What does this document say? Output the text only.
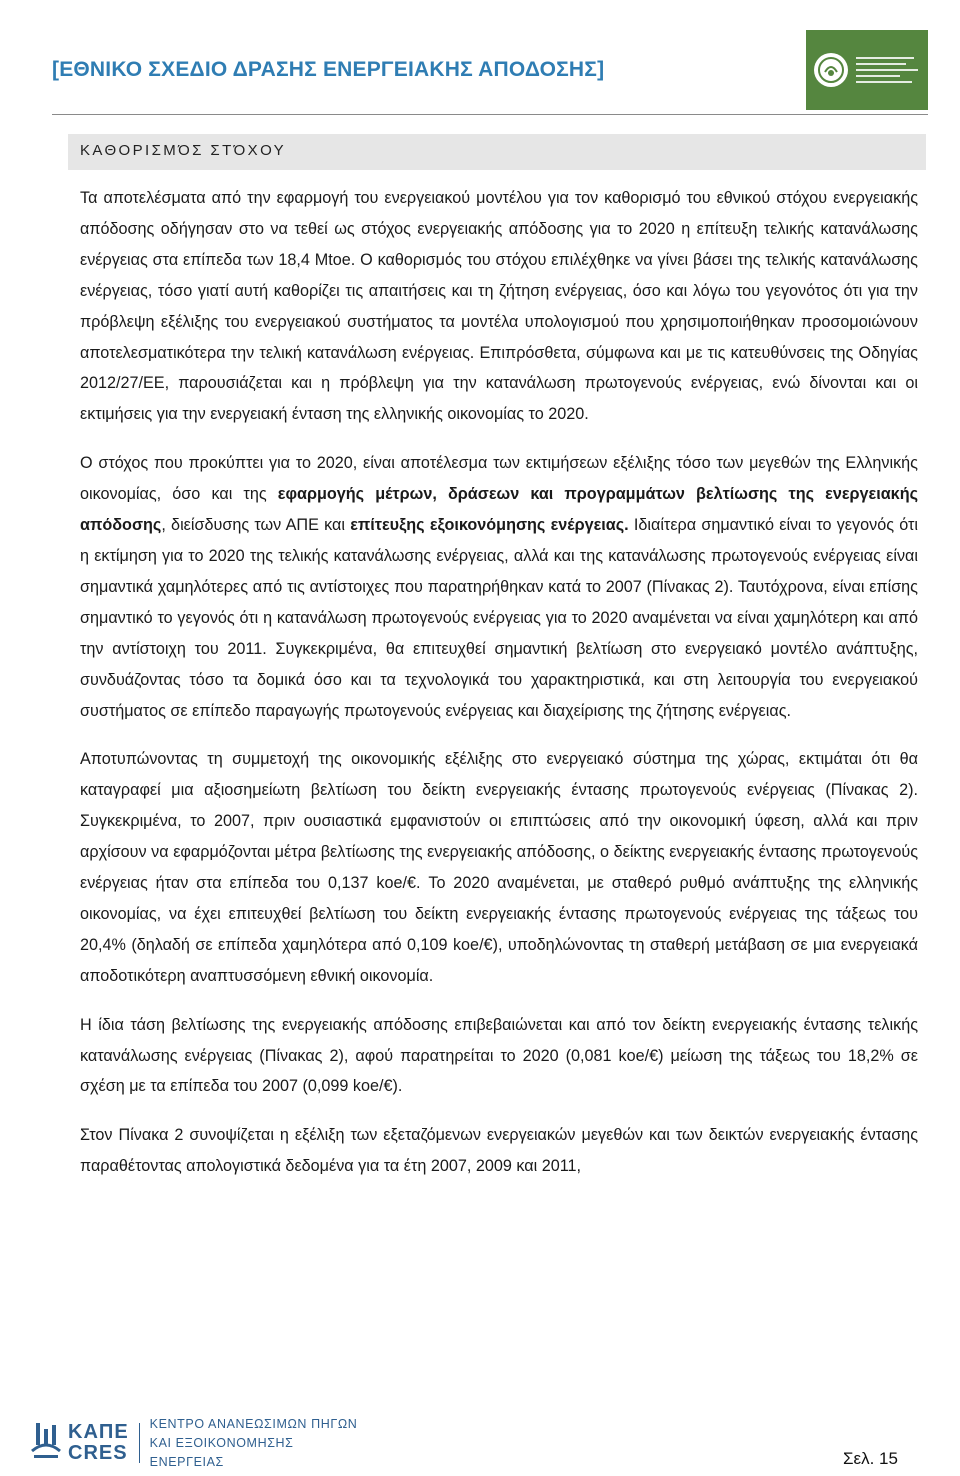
[ΕΘΝΙΚΟ ΣΧΕΔΙΟ ΔΡΑΣΗΣ ΕΝΕΡΓΕΙΑΚΗΣ ΑΠΟΔΟΣΗΣ]
ΚΑΘΟΡΙΣΜΌΣ ΣΤΌΧΟΥ

Τα αποτελέσματα από την εφαρμογή του ενεργειακού μοντέλου για τον καθορισμό του εθνικού στόχου ενεργειακής απόδοσης οδήγησαν στο να τεθεί ως στόχος ενεργειακής απόδοσης για το 2020 η επίτευξη τελικής κατανάλωσης ενέργειας στα επίπεδα των 18,4 Mtoe. Ο καθορισμός του στόχου επιλέχθηκε να γίνει βάσει της τελικής κατανάλωσης ενέργειας, τόσο γιατί αυτή καθορίζει τις απαιτήσεις και τη ζήτηση ενέργειας, όσο και λόγω του γεγονότος ότι για την πρόβλεψη εξέλιξης του ενεργειακού συστήματος τα μοντέλα υπολογισμού που χρησιμοποιήθηκαν προσομοιώνουν αποτελεσματικότερα την τελική κατανάλωση ενέργειας. Επιπρόσθετα, σύμφωνα και με τις κατευθύνσεις της Οδηγίας 2012/27/ΕΕ, παρουσιάζεται και η πρόβλεψη για την κατανάλωση πρωτογενούς ενέργειας, ενώ δίνονται και οι εκτιμήσεις για την ενεργειακή ένταση της ελληνικής οικονομίας το 2020.

Ο στόχος που προκύπτει για το 2020, είναι αποτέλεσμα των εκτιμήσεων εξέλιξης τόσο των μεγεθών της Ελληνικής οικονομίας, όσο και της εφαρμογής μέτρων, δράσεων και προγραμμάτων βελτίωσης της ενεργειακής απόδοσης, διείσδυσης των ΑΠΕ και επίτευξης εξοικονόμησης ενέργειας. Ιδιαίτερα σημαντικό είναι το γεγονός ότι η εκτίμηση για το 2020 της τελικής κατανάλωσης ενέργειας, αλλά και της κατανάλωσης πρωτογενούς ενέργειας είναι σημαντικά χαμηλότερες από τις αντίστοιχες που παρατηρήθηκαν κατά το 2007 (Πίνακας 2). Ταυτόχρονα, είναι επίσης σημαντικό το γεγονός ότι η κατανάλωση πρωτογενούς ενέργειας για το 2020 αναμένεται να είναι χαμηλότερη και από την αντίστοιχη του 2011. Συγκεκριμένα, θα επιτευχθεί σημαντική βελτίωση στο ενεργειακό μοντέλο ανάπτυξης, συνδυάζοντας τόσο τα δομικά όσο και τα τεχνολογικά του χαρακτηριστικά, και στη λειτουργία του ενεργειακού συστήματος σε επίπεδο παραγωγής πρωτογενούς ενέργειας και διαχείρισης της ζήτησης ενέργειας.

Αποτυπώνοντας τη συμμετοχή της οικονομικής εξέλιξης στο ενεργειακό σύστημα της χώρας, εκτιμάται ότι θα καταγραφεί μια αξιοσημείωτη βελτίωση του δείκτη ενεργειακής έντασης πρωτογενούς ενέργειας (Πίνακας 2). Συγκεκριμένα, το 2007, πριν ουσιαστικά εμφανιστούν οι επιπτώσεις από την οικονομική ύφεση, αλλά και πριν αρχίσουν να εφαρμόζονται μέτρα βελτίωσης της ενεργειακής απόδοσης, ο δείκτης ενεργειακής έντασης πρωτογενούς ενέργειας ήταν στα επίπεδα του 0,137 koe/€. Το 2020 αναμένεται, με σταθερό ρυθμό ανάπτυξης της ελληνικής οικονομίας, να έχει επιτευχθεί βελτίωση του δείκτη ενεργειακής έντασης πρωτογενούς ενέργειας της τάξεως του 20,4% (δηλαδή σε επίπεδα χαμηλότερα από 0,109 koe/€), υποδηλώνοντας τη σταθερή μετάβαση σε μια ενεργειακά αποδοτικότερη αναπτυσσόμενη εθνική οικονομία.

Η ίδια τάση βελτίωσης της ενεργειακής απόδοσης επιβεβαιώνεται και από τον δείκτη ενεργειακής έντασης τελικής κατανάλωσης ενέργειας (Πίνακας 2), αφού παρατηρείται το 2020 (0,081 koe/€) μείωση της τάξεως του 18,2% σε σχέση με τα επίπεδα του 2007 (0,099 koe/€).

Στον Πίνακα 2 συνοψίζεται η εξέλιξη των εξεταζόμενων ενεργειακών μεγεθών και των δεικτών ενεργειακής έντασης παραθέτοντας απολογιστικά δεδομένα για τα έτη 2007, 2009 και 2011,

ΚΑΠΕ
CRES
ΚΕΝΤΡΟ ΑΝΑΝΕΩΣΙΜΩΝ ΠΗΓΩΝ
ΚΑΙ ΕΞΟΙΚΟΝΟΜΗΣΗΣ ΕΝΕΡΓΕΙΑΣ	Σελ. 15
